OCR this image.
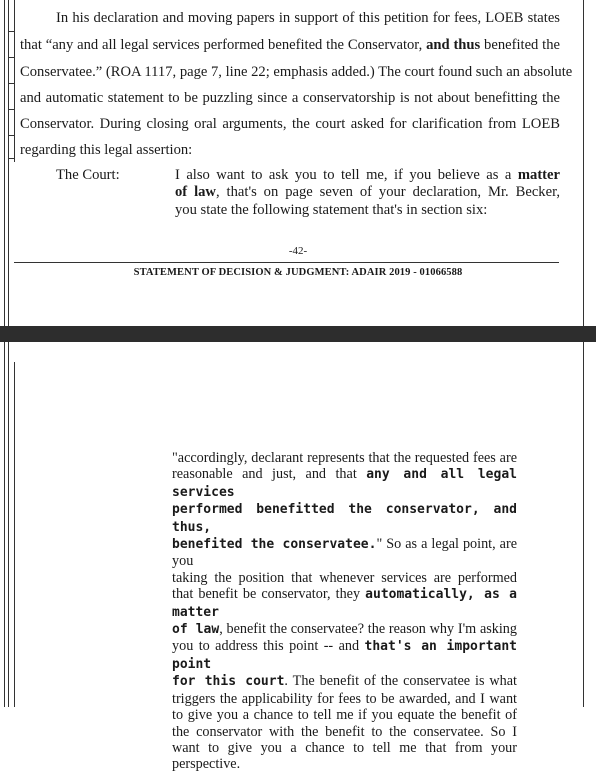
In his declaration and moving papers in support of this petition for fees, LOEB states
that “any and all legal services performed benefited the Conservator, and thus benefited the
Conservatee.” (ROA 1117, page 7, line 22; emphasis added.) The court found such an absolute
and automatic statement to be puzzling since a conservatorship is not about benefitting the
Conservator. During closing oral arguments, the court asked for clarification from LOEB
regarding this legal assertion:
The Court:	I also want to ask you to tell me, if you believe as a matter
of law, that's on page seven of your declaration, Mr. Becker,
you state the following statement that's in section six:
-42-
STATEMENT OF DECISION & JUDGMENT: ADAIR 2019 - 01066588
"accordingly, declarant represents that the requested fees are
reasonable and just, and that any and all legal services
performed benefitted the conservator, and thus,
benefited the conservatee." So as a legal point, are you
taking the position that whenever services are performed
that benefit be conservator, they automatically, as a matter
of law, benefit the conservatee? the reason why I'm asking
you to address this point -- and that's an important point
for this court. The benefit of the conservatee is what
triggers the applicability for fees to be awarded, and I want
to give you a chance to tell me if you equate the benefit of
the conservator with the benefit to the conservatee. So I
want to give you a chance to tell me that from your
perspective.
